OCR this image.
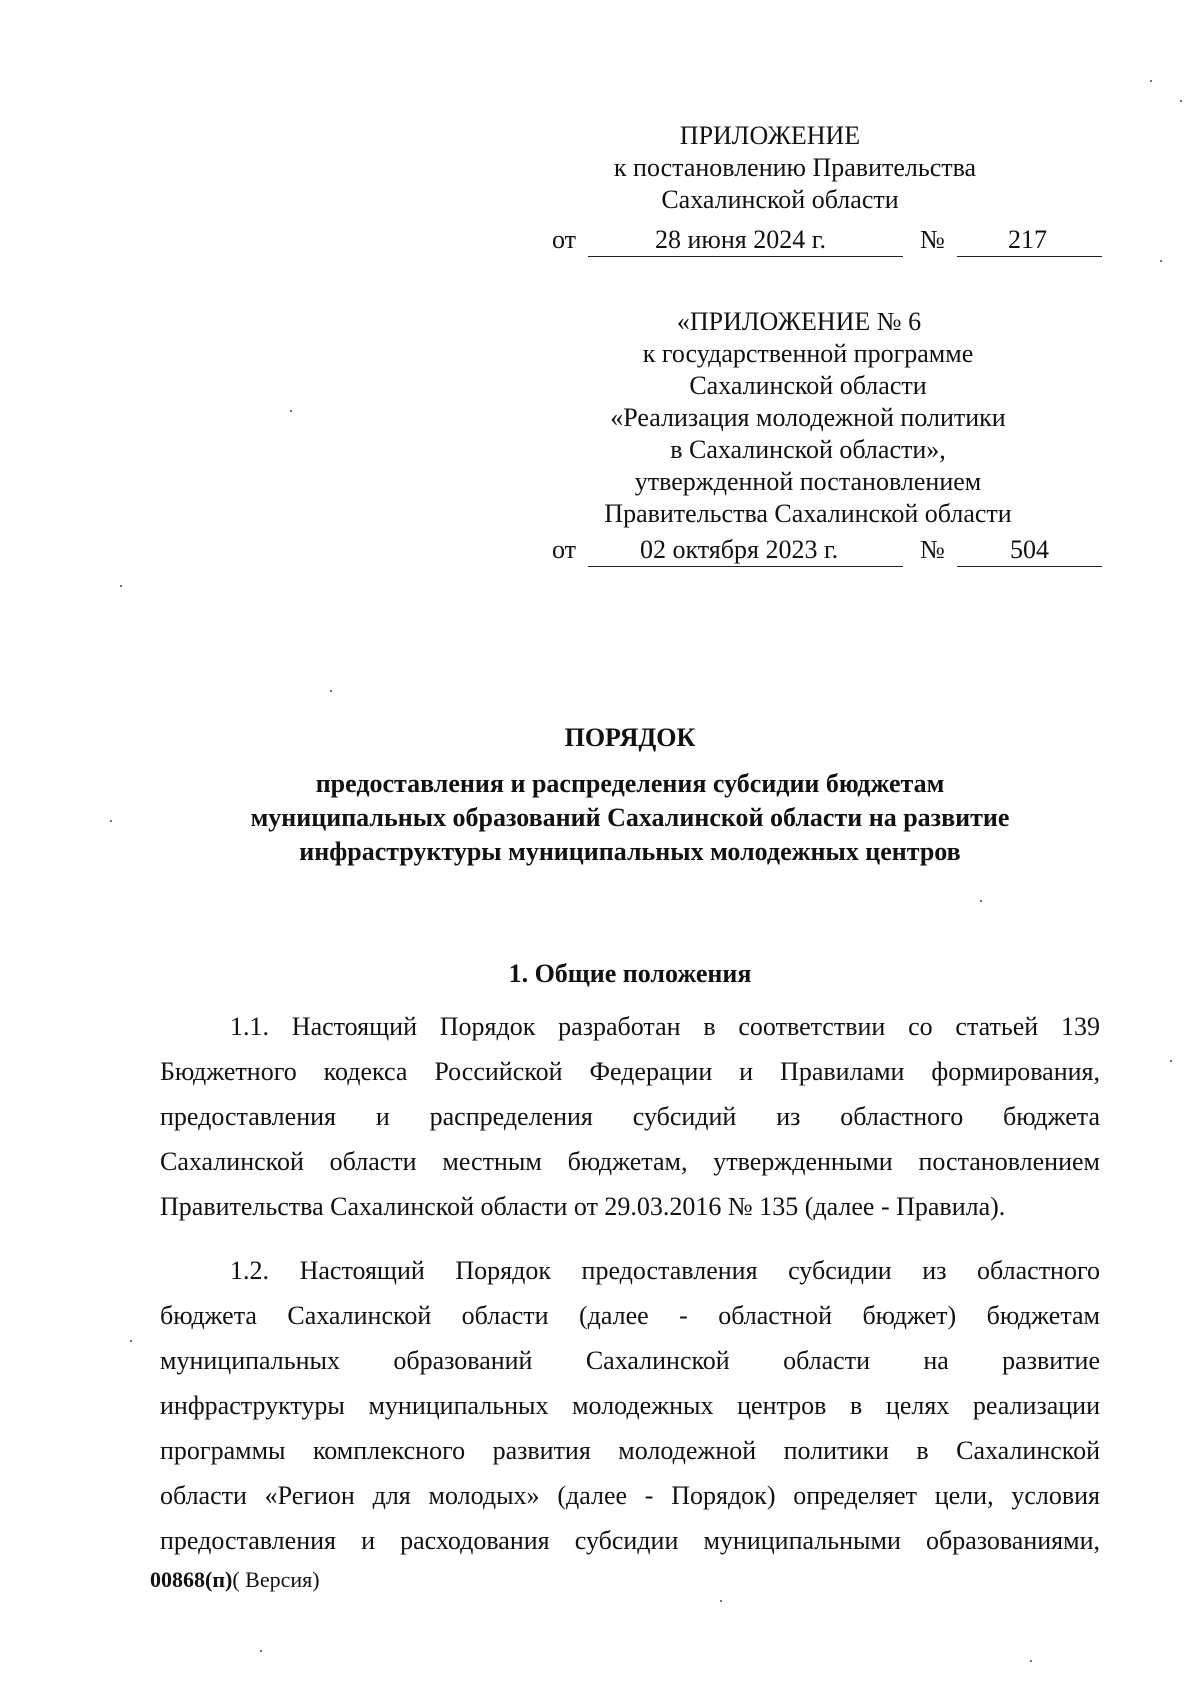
ПРИЛОЖЕНИЕ
к постановлению Правительства
Сахалинской области
от	28 июня 2024 г.	№ 217
«ПРИЛОЖЕНИЕ № 6
к государственной программе
Сахалинской области
«Реализация молодежной политики
в Сахалинской области»,
утвержденной постановлением
Правительства Сахалинской области
от 02 октября 2023 г.	№	504
ПОРЯДОК
предоставления и распределения субсидии бюджетам
муниципальных образований Сахалинской области на развитие
инфраструктуры муниципальных молодежных центров
1. Общие положения
1.1. Настоящий Порядок разработан в соответствии со статьей 139
Бюджетного кодекса Российской Федерации и Правилами формирования,
предоставления и распределения субсидий из областного бюджета
Сахалинской области местным бюджетам, утвержденными постановлением
Правительства Сахалинской области от 29.03.2016 № 135 (далее - Правила).
1.2. Настоящий Порядок предоставления субсидии из областного
бюджета Сахалинской области (далее - областной бюджет) бюджетам
муниципальных образований Сахалинской области на развитие
инфраструктуры муниципальных молодежных центров в целях реализации
программы комплексного развития молодежной политики в Сахалинской
области «Регион для молодых» (далее - Порядок) определяет цели, условия
предоставления и расходования субсидии муниципальными образованиями,
00868(п)( Версия)
